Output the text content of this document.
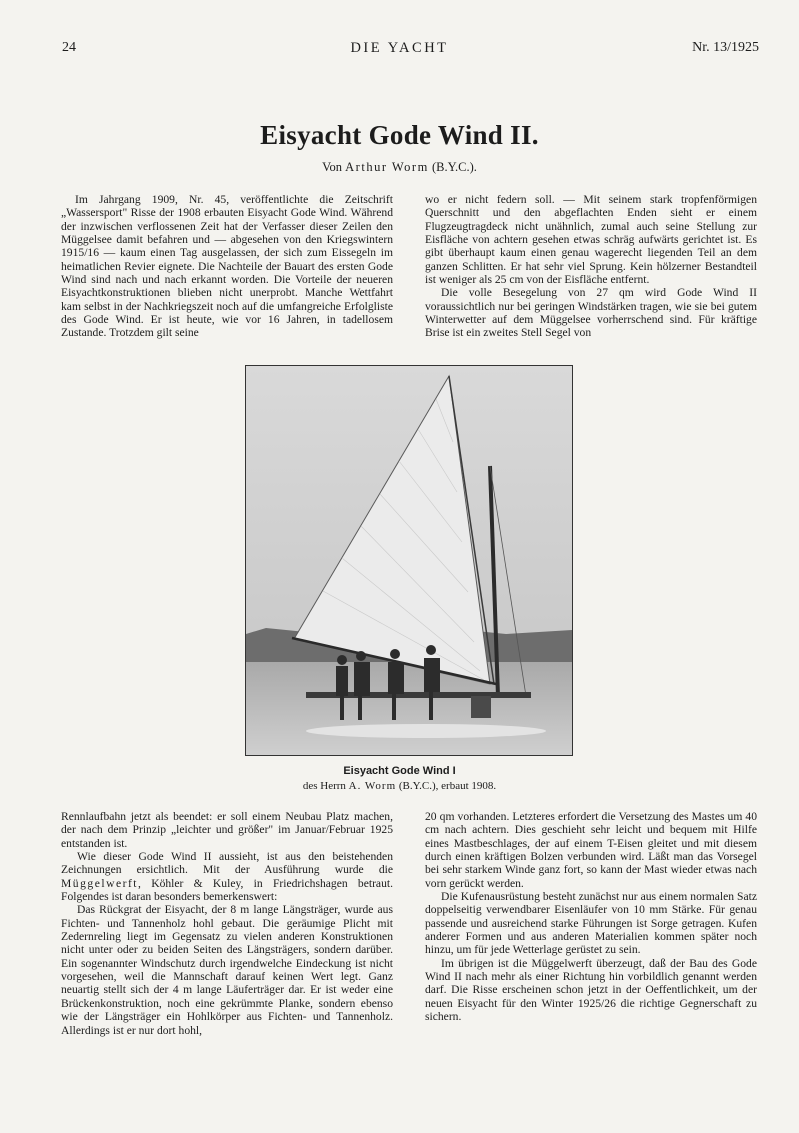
24	DIE YACHT	Nr. 13/1925
Eisyacht Gode Wind II.
Von Arthur Worm (B.Y.C.).

Im Jahrgang 1909, Nr. 45, veröffentlichte die Zeitschrift „Wassersport" Risse der 1908 erbauten Eisyacht Gode Wind. Während der inzwischen verflossenen Zeit hat der Verfasser dieser Zeilen den Müggelsee damit befahren und — abgesehen von den Kriegswintern 1915/16 — kaum einen Tag ausgelassen, der sich zum Eissegeln im heimatlichen Revier eignete. Die Nachteile der Bauart des ersten Gode Wind sind nach und nach erkannt worden. Die Vorteile der neueren Eisyachtkonstruktionen blieben nicht unerprobt. Manche Wettfahrt kam selbst in der Nachkriegszeit noch auf die umfangreiche Erfolgliste des Gode Wind. Er ist heute, wie vor 16 Jahren, in tadellosem Zustande. Trotzdem gilt seine

wo er nicht federn soll. — Mit seinem stark tropfenförmigen Querschnitt und den abgeflachten Enden sieht er einem Flugzeugtragdeck nicht unähnlich, zumal auch seine Stellung zur Eisfläche von achtern gesehen etwas schräg aufwärts gerichtet ist. Es gibt überhaupt kaum einen genau wagerecht liegenden Teil an dem ganzen Schlitten. Er hat sehr viel Sprung. Kein hölzerner Bestandteil ist weniger als 25 cm von der Eisfläche entfernt.

Die volle Besegelung von 27 qm wird Gode Wind II voraussichtlich nur bei geringen Windstärken tragen, wie sie bei gutem Winterwetter auf dem Müggelsee vorherrschend sind. Für kräftige Brise ist ein zweites Stell Segel von

Eisyacht Gode Wind I
des Herrn A. Worm (B.Y.C.), erbaut 1908.

Rennlaufbahn jetzt als beendet: er soll einem Neubau Platz machen, der nach dem Prinzip „leichter und größer" im Januar/Februar 1925 entstanden ist.

Wie dieser Gode Wind II aussieht, ist aus den beistehenden Zeichnungen ersichtlich. Mit der Ausführung wurde die Müggelwerft, Köhler & Kuley, in Friedrichshagen betraut. Folgendes ist daran besonders bemerkenswert:

Das Rückgrat der Eisyacht, der 8 m lange Längsträger, wurde aus Fichten- und Tannenholz hohl gebaut. Die geräumige Plicht mit Zedernreling liegt im Gegensatz zu vielen anderen Konstruktionen nicht unter oder zu beiden Seiten des Längsträgers, sondern darüber. Ein sogenannter Windschutz durch irgendwelche Eindeckung ist nicht vorgesehen, weil die Mannschaft darauf keinen Wert legt. Ganz neuartig stellt sich der 4 m lange Läuferträger dar. Er ist weder eine Brückenkonstruktion, noch eine gekrümmte Planke, sondern ebenso wie der Längsträger ein Hohlkörper aus Fichten- und Tannenholz. Allerdings ist er nur dort hohl,

20 qm vorhanden. Letzteres erfordert die Versetzung des Mastes um 40 cm nach achtern. Dies geschieht sehr leicht und bequem mit Hilfe eines Mastbeschlages, der auf einem T-Eisen gleitet und mit diesem durch einen kräftigen Bolzen verbunden wird. Läßt man das Vorsegel bei sehr starkem Winde ganz fort, so kann der Mast wieder etwas nach vorn gerückt werden.

Die Kufenausrüstung besteht zunächst nur aus einem normalen Satz doppelseitig verwendbarer Eisenläufer von 10 mm Stärke. Für genau passende und ausreichend starke Führungen ist Sorge getragen. Kufen anderer Formen und aus anderen Materialien kommen später noch hinzu, um für jede Wetterlage gerüstet zu sein.

Im übrigen ist die Müggelwerft überzeugt, daß der Bau des Gode Wind II nach mehr als einer Richtung hin vorbildlich genannt werden darf. Die Risse erscheinen schon jetzt in der Oeffentlichkeit, um der neuen Eisyacht für den Winter 1925/26 die richtige Gegnerschaft zu sichern.
